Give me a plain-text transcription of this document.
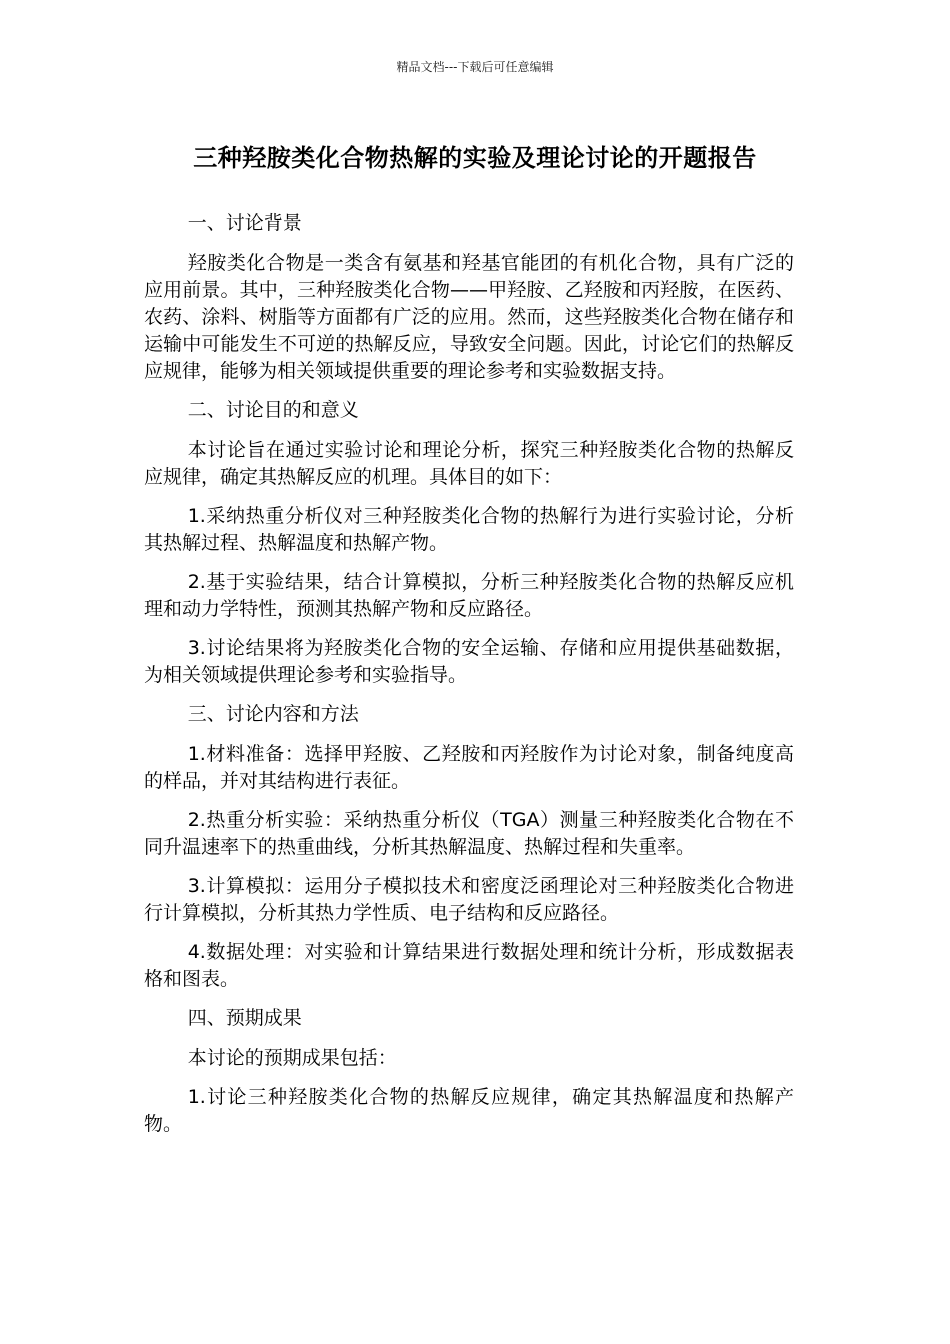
精品文档---下载后可任意编辑
三种羟胺类化合物热解的实验及理论讨论的开题报告

一、讨论背景

羟胺类化合物是一类含有氨基和羟基官能团的有机化合物，具有广泛的应用前景。其中，三种羟胺类化合物——甲羟胺、乙羟胺和丙羟胺，在医药、农药、涂料、树脂等方面都有广泛的应用。然而，这些羟胺类化合物在储存和运输中可能发生不可逆的热解反应，导致安全问题。因此，讨论它们的热解反应规律，能够为相关领域提供重要的理论参考和实验数据支持。

二、讨论目的和意义

本讨论旨在通过实验讨论和理论分析，探究三种羟胺类化合物的热解反应规律，确定其热解反应的机理。具体目的如下：

1.采纳热重分析仪对三种羟胺类化合物的热解行为进行实验讨论，分析其热解过程、热解温度和热解产物。

2.基于实验结果，结合计算模拟，分析三种羟胺类化合物的热解反应机理和动力学特性，预测其热解产物和反应路径。

3.讨论结果将为羟胺类化合物的安全运输、存储和应用提供基础数据，为相关领域提供理论参考和实验指导。

三、讨论内容和方法

1.材料准备：选择甲羟胺、乙羟胺和丙羟胺作为讨论对象，制备纯度高的样品，并对其结构进行表征。

2.热重分析实验：采纳热重分析仪（TGA）测量三种羟胺类化合物在不同升温速率下的热重曲线，分析其热解温度、热解过程和失重率。

3.计算模拟：运用分子模拟技术和密度泛函理论对三种羟胺类化合物进行计算模拟，分析其热力学性质、电子结构和反应路径。

4.数据处理：对实验和计算结果进行数据处理和统计分析，形成数据表格和图表。

四、预期成果

本讨论的预期成果包括：

1.讨论三种羟胺类化合物的热解反应规律，确定其热解温度和热解产物。
